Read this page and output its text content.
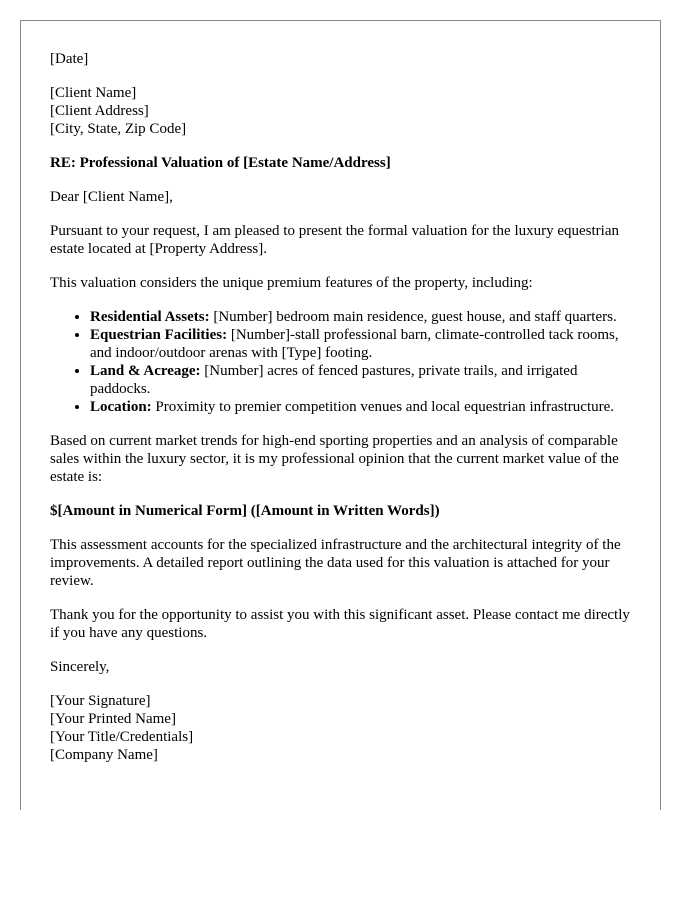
[Date]

[Client Name]
[Client Address]
[City, State, Zip Code]

RE: Professional Valuation of [Estate Name/Address]

Dear [Client Name],

Pursuant to your request, I am pleased to present the formal valuation for the luxury equestrian estate located at [Property Address].

This valuation considers the unique premium features of the property, including:

• Residential Assets: [Number] bedroom main residence, guest house, and staff quarters.
• Equestrian Facilities: [Number]-stall professional barn, climate-controlled tack rooms, and indoor/outdoor arenas with [Type] footing.
• Land & Acreage: [Number] acres of fenced pastures, private trails, and irrigated paddocks.
• Location: Proximity to premier competition venues and local equestrian infrastructure.

Based on current market trends for high-end sporting properties and an analysis of comparable sales within the luxury sector, it is my professional opinion that the current market value of the estate is:

$[Amount in Numerical Form] ([Amount in Written Words])

This assessment accounts for the specialized infrastructure and the architectural integrity of the improvements. A detailed report outlining the data used for this valuation is attached for your review.

Thank you for the opportunity to assist you with this significant asset. Please contact me directly if you have any questions.

Sincerely,

[Your Signature]
[Your Printed Name]
[Your Title/Credentials]
[Company Name]
